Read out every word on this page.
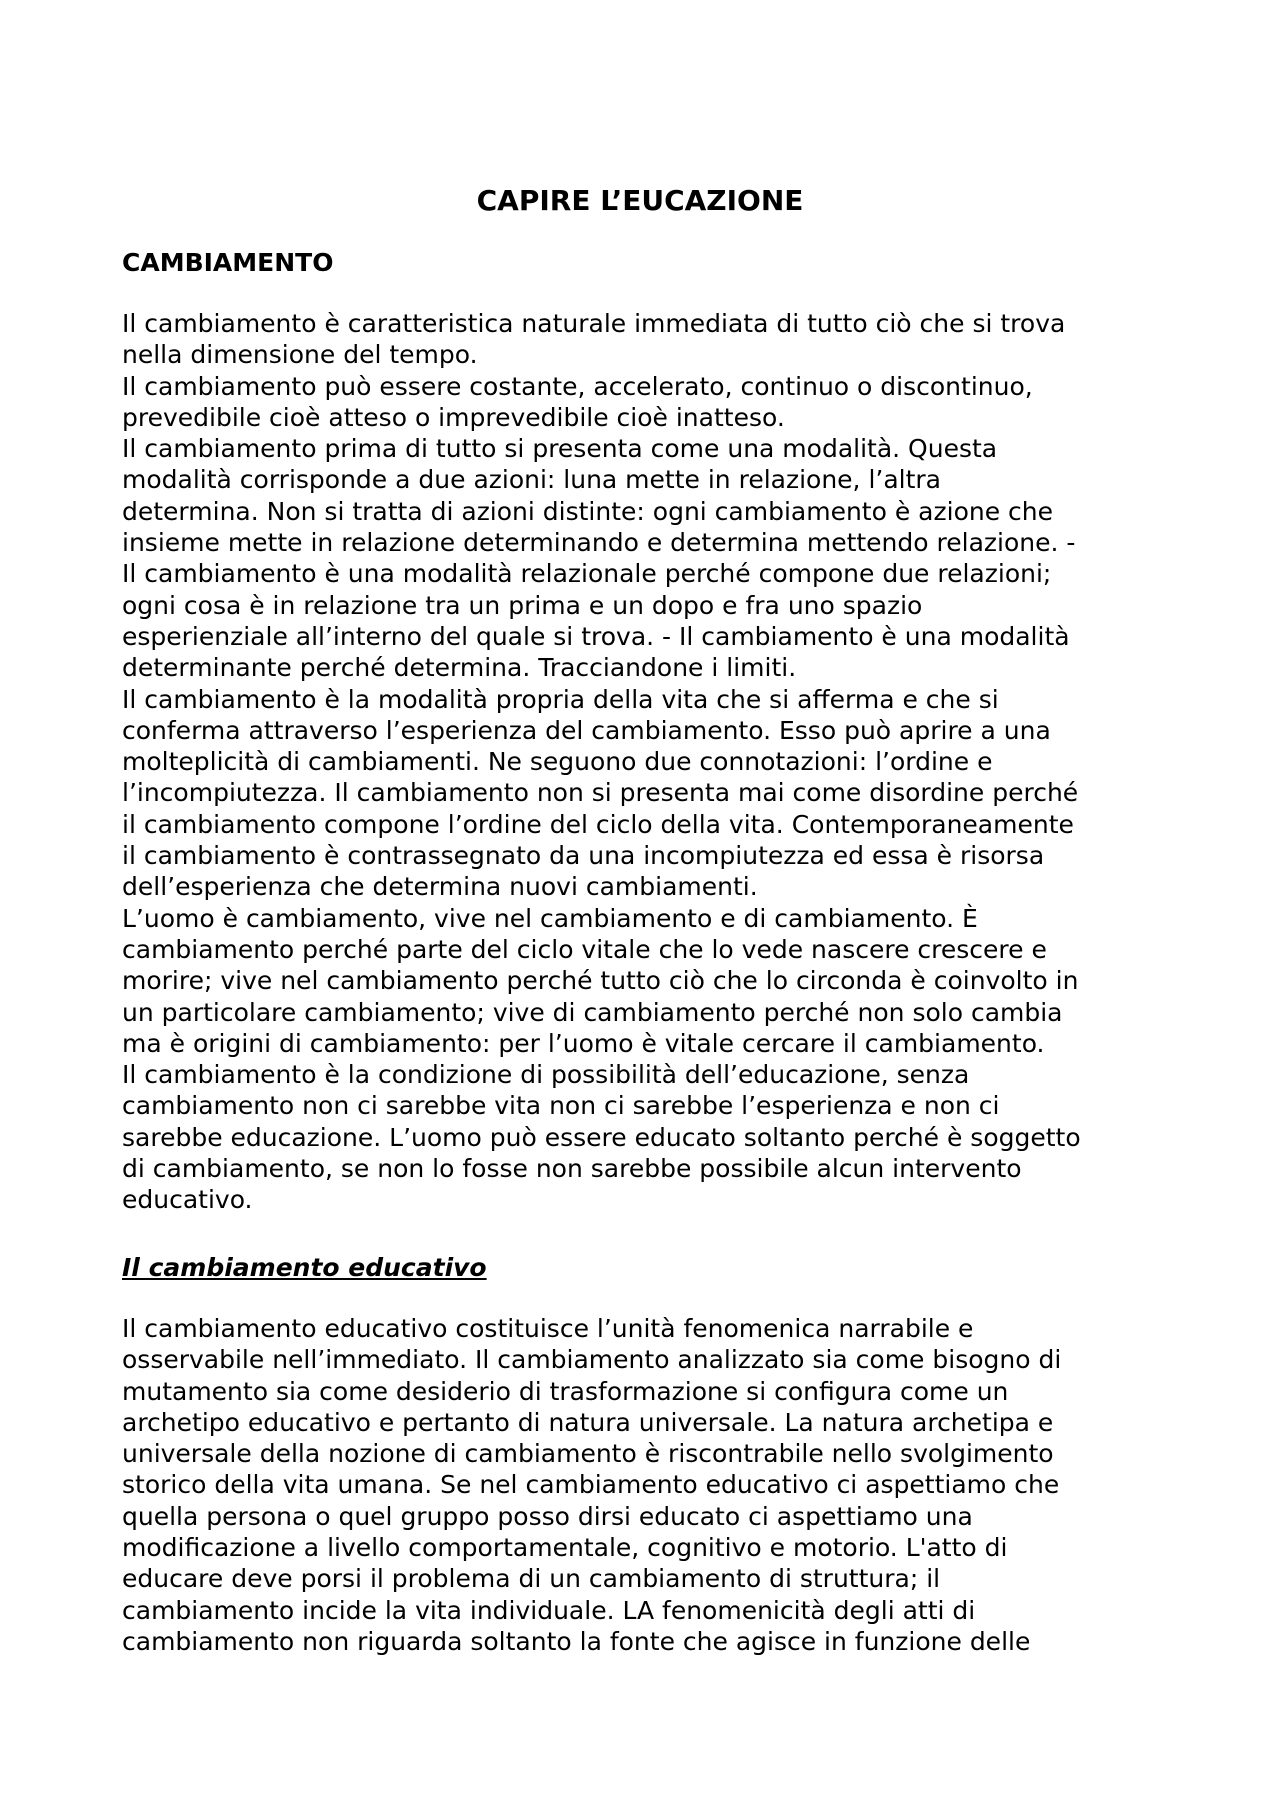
CAPIRE L’EUCAZIONE
CAMBIAMENTO
Il cambiamento è caratteristica naturale immediata di tutto ciò che si trova
nella dimensione del tempo.
Il cambiamento può essere costante, accelerato, continuo o discontinuo,
prevedibile cioè atteso o imprevedibile cioè inatteso.
Il cambiamento prima di tutto si presenta come una modalità. Questa
modalità corrisponde a due azioni: luna mette in relazione, l’altra
determina. Non si tratta di azioni distinte: ogni cambiamento è azione che
insieme mette in relazione determinando e determina mettendo relazione. -
Il cambiamento è una modalità relazionale perché compone due relazioni;
ogni cosa è in relazione tra un prima e un dopo e fra uno spazio
esperienziale all’interno del quale si trova. - Il cambiamento è una modalità
determinante perché determina. Tracciandone i limiti.
Il cambiamento è la modalità propria della vita che si afferma e che si
conferma attraverso l’esperienza del cambiamento. Esso può aprire a una
molteplicità di cambiamenti. Ne seguono due connotazioni: l’ordine e
l’incompiutezza. Il cambiamento non si presenta mai come disordine perché
il cambiamento compone l’ordine del ciclo della vita. Contemporaneamente
il cambiamento è contrassegnato da una incompiutezza ed essa è risorsa
dell’esperienza che determina nuovi cambiamenti.
L’uomo è cambiamento, vive nel cambiamento e di cambiamento. È
cambiamento perché parte del ciclo vitale che lo vede nascere crescere e
morire; vive nel cambiamento perché tutto ciò che lo circonda è coinvolto in
un particolare cambiamento; vive di cambiamento perché non solo cambia
ma è origini di cambiamento: per l’uomo è vitale cercare il cambiamento.
Il cambiamento è la condizione di possibilità dell’educazione, senza
cambiamento non ci sarebbe vita non ci sarebbe l’esperienza e non ci
sarebbe educazione. L’uomo può essere educato soltanto perché è soggetto
di cambiamento, se non lo fosse non sarebbe possibile alcun intervento
educativo.
Il cambiamento educativo
Il cambiamento educativo costituisce l’unità fenomenica narrabile e
osservabile nell’immediato. Il cambiamento analizzato sia come bisogno di
mutamento sia come desiderio di trasformazione si configura come un
archetipo educativo e pertanto di natura universale. La natura archetipa e
universale della nozione di cambiamento è riscontrabile nello svolgimento
storico della vita umana. Se nel cambiamento educativo ci aspettiamo che
quella persona o quel gruppo posso dirsi educato ci aspettiamo una
modificazione a livello comportamentale, cognitivo e motorio. L'atto di
educare deve porsi il problema di un cambiamento di struttura; il
cambiamento incide la vita individuale. LA fenomenicità degli atti di
cambiamento non riguarda soltanto la fonte che agisce in funzione delle
